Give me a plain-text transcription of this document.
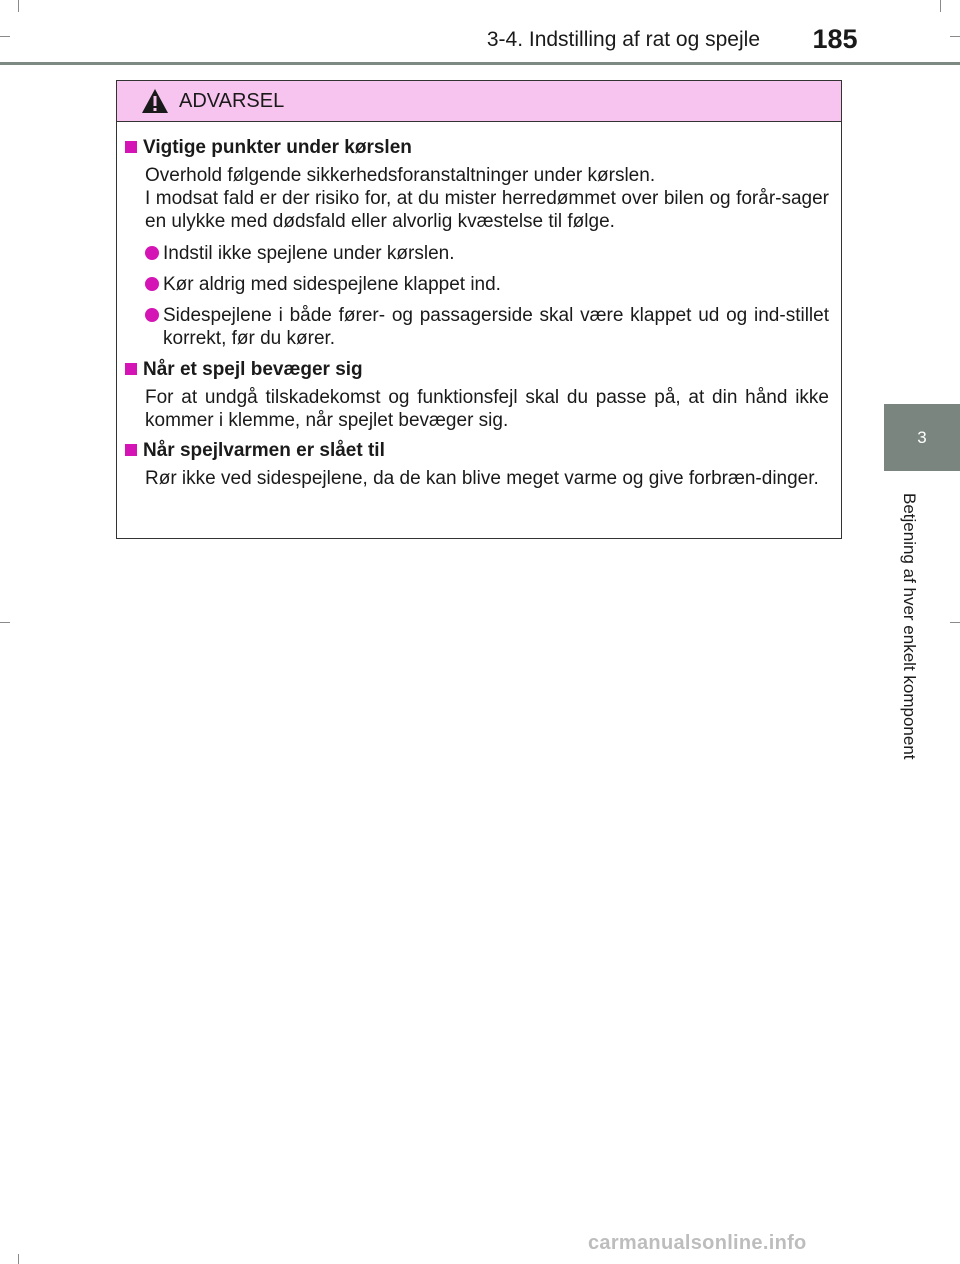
3-4. Indstilling af rat og spejle	185
3
Betjening af hver enkelt komponent
ADVARSEL
Vigtige punkter under kørslen
Overhold følgende sikkerhedsforanstaltninger under kørslen.
I modsat fald er der risiko for, at du mister herredømmet over bilen og forår-sager en ulykke med dødsfald eller alvorlig kvæstelse til følge.
Indstil ikke spejlene under kørslen.
Kør aldrig med sidespejlene klappet ind.
Sidespejlene i både fører- og passagerside skal være klappet ud og ind-stillet korrekt, før du kører.
Når et spejl bevæger sig
For at undgå tilskadekomst og funktionsfejl skal du passe på, at din hånd ikke kommer i klemme, når spejlet bevæger sig.
Når spejlvarmen er slået til
Rør ikke ved sidespejlene, da de kan blive meget varme og give forbræn-dinger.
carmanualsonline.info
